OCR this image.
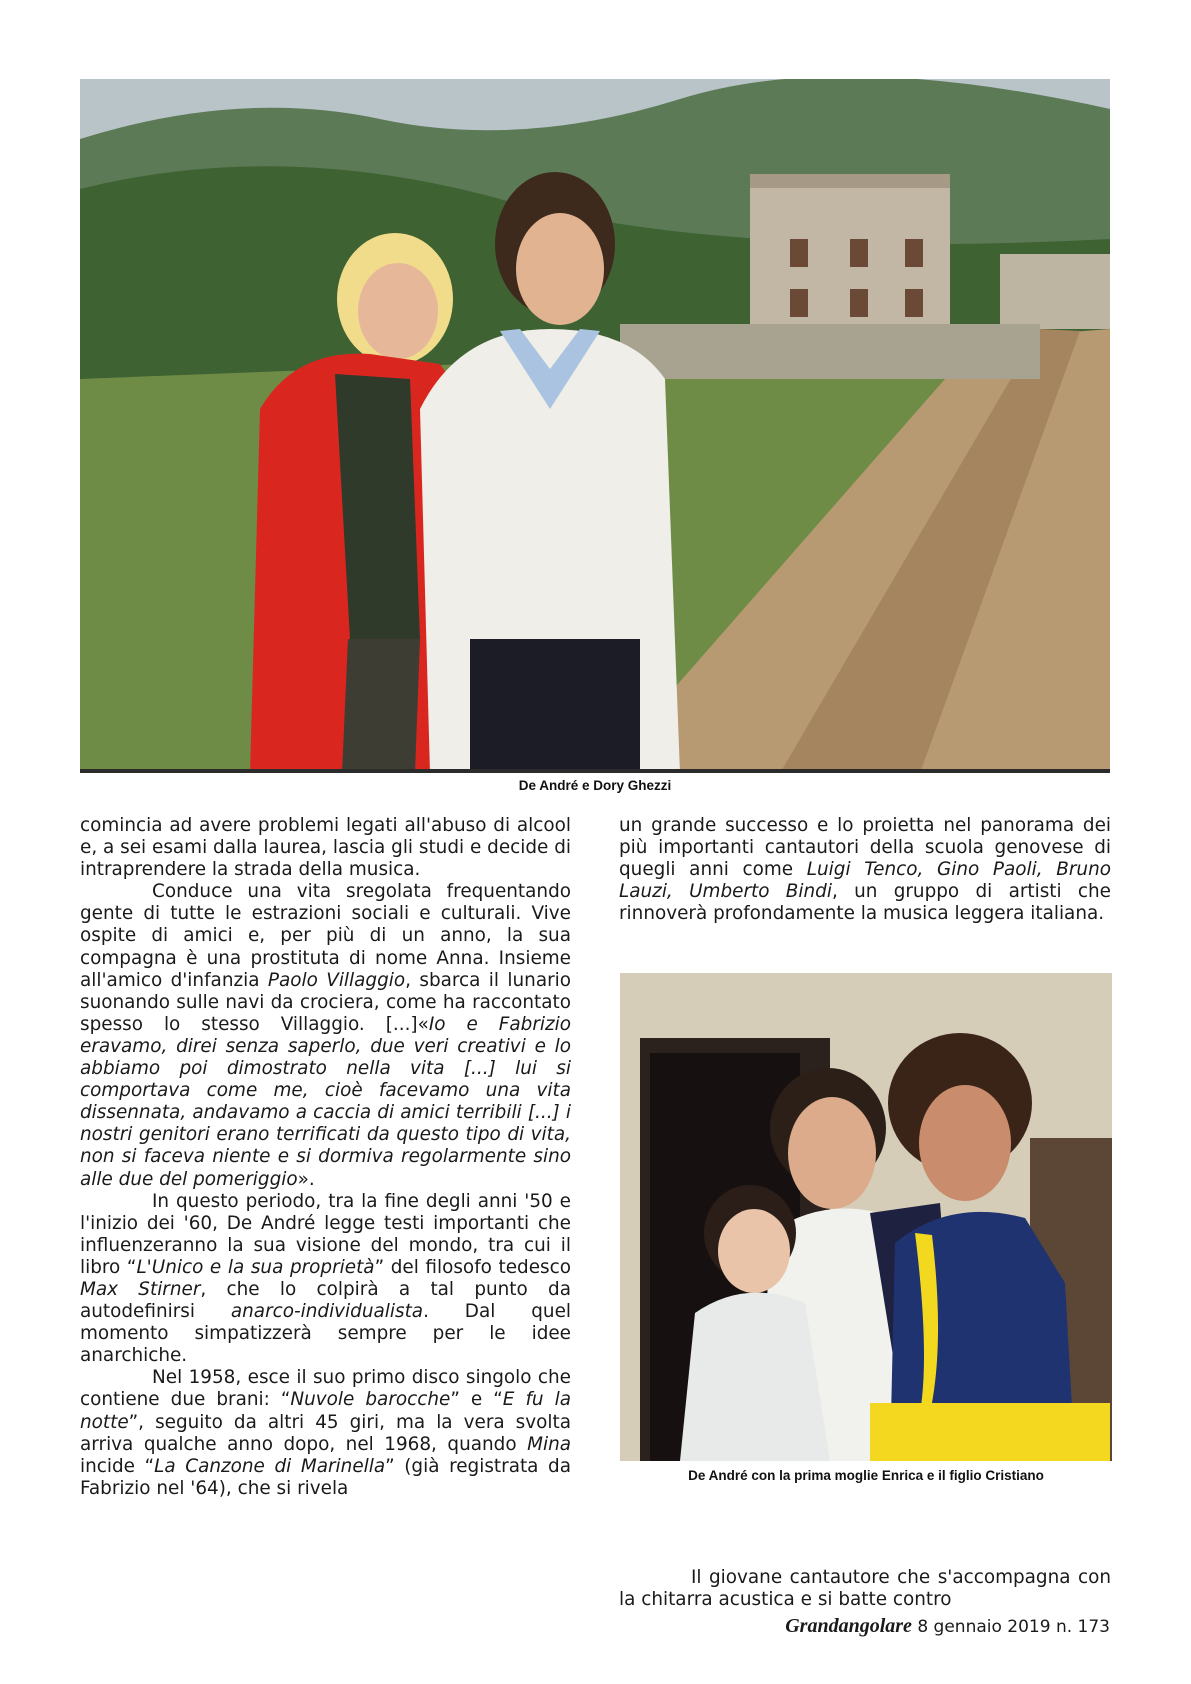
De André e Dory Ghezzi

comincia ad avere problemi legati all'abuso di alcool e, a sei esami dalla laurea, lascia gli studi e decide di intraprendere la strada della musica.

Conduce una vita sregolata frequentando gente di tutte le estrazioni sociali e culturali. Vive ospite di amici e, per più di un anno, la sua compagna è una prostituta di nome Anna. Insieme all'amico d'infanzia Paolo Villaggio, sbarca il lunario suonando sulle navi da crociera, come ha raccontato spesso lo stesso Villaggio. [...]«Io e Fabrizio eravamo, direi senza saperlo, due veri creativi e lo abbiamo poi dimostrato nella vita [...] lui si comportava come me, cioè facevamo una vita dissennata, andavamo a caccia di amici terribili [...] i nostri genitori erano terrificati da questo tipo di vita, non si faceva niente e si dormiva regolarmente sino alle due del pomeriggio».

In questo periodo, tra la fine degli anni '50 e l'inizio dei '60, De André legge testi importanti che influenzeranno la sua visione del mondo, tra cui il libro “L'Unico e la sua proprietà” del filosofo tedesco Max Stirner, che lo colpirà a tal punto da autodefinirsi anarco-individualista. Dal quel momento simpatizzerà sempre per le idee anarchiche.

Nel 1958, esce il suo primo disco singolo che contiene due brani: “Nuvole barocche” e “E fu la notte”, seguito da altri 45 giri, ma la vera svolta arriva qualche anno dopo, nel 1968, quando Mina incide “La Canzone di Marinella” (già registrata da Fabrizio nel '64), che si rivela

un grande successo e lo proietta nel panorama dei più importanti cantautori della scuola genovese di quegli anni come Luigi Tenco, Gino Paoli, Bruno Lauzi, Umberto Bindi, un gruppo di artisti che rinnoverà profondamente la musica leggera italiana.

De André con la prima moglie Enrica e il figlio Cristiano

Il giovane cantautore che s'accompagna con la chitarra acustica e si batte contro

Grandangolare 8 gennaio 2019 n. 173
